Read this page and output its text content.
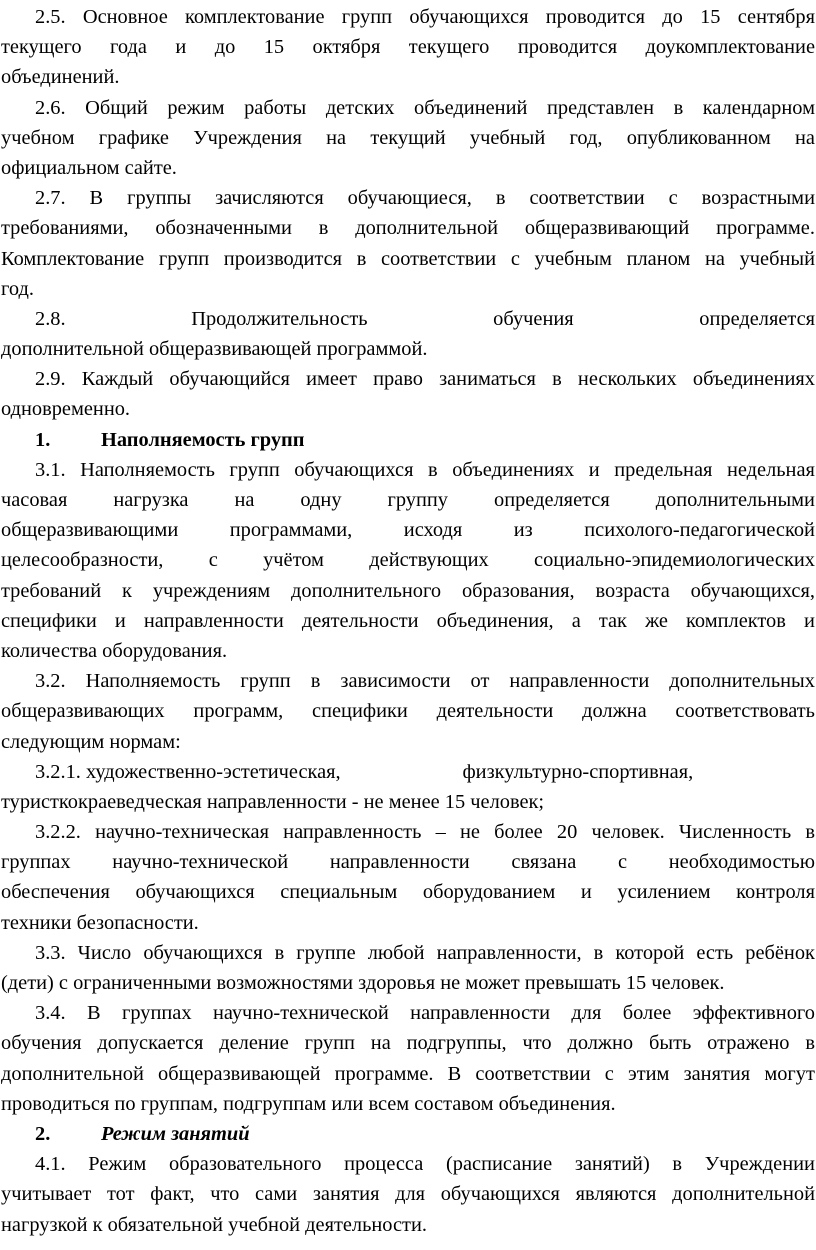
2.5. Основное комплектование групп обучающихся проводится до 15 сентября
текущего года и до 15 октября текущего проводится доукомплектование
объединений.
2.6. Общий режим работы детских объединений представлен в календарном
учебном графике Учреждения на текущий учебный год, опубликованном на
официальном сайте.
2.7. В группы зачисляются обучающиеся, в соответствии с возрастными
требованиями, обозначенными в дополнительной общеразвивающий программе.
Комплектование групп производится в соответствии с учебным планом на учебный
год.
2.8.	Продолжительность	обучения	определяется
дополнительной общеразвивающей программой.
2.9. Каждый обучающийся имеет право заниматься в нескольких объединениях
одновременно.
1. Наполняемость групп
3.1. Наполняемость групп обучающихся в объединениях и предельная недельная
часовая нагрузка на одну группу определяется дополнительными
общеразвивающими	программами,	исходя	из	психолого-педагогической
целесообразности, с учётом действующих социально-эпидемиологических
требований к учреждениям дополнительного образования, возраста обучающихся,
специфики и направленности деятельности объединения, а так же комплектов и
количества оборудования.
3.2. Наполняемость групп в зависимости от направленности дополнительных
общеразвивающих программ, специфики деятельности должна соответствовать
следующим нормам:
3.2.1. художественно-эстетическая,	физкультурно-спортивная,
туристкокраеведческая направленности - не менее 15 человек;
3.2.2. научно-техническая направленность – не более 20 человек. Численность в
группах научно-технической направленности связана с необходимостью
обеспечения обучающихся специальным оборудованием и усилением контроля
техники безопасности.
3.3. Число обучающихся в группе любой направленности, в которой есть ребёнок
(дети) с ограниченными возможностями здоровья не может превышать 15 человек.
3.4. В группах научно-технической направленности для более эффективного
обучения допускается деление групп на подгруппы, что должно быть отражено в
дополнительной общеразвивающей программе. В соответствии с этим занятия могут
проводиться по группам, подгруппам или всем составом объединения.
2. Режим занятий
4.1. Режим образовательного процесса (расписание занятий) в Учреждении
учитывает тот факт, что сами занятия для обучающихся являются дополнительной
нагрузкой к обязательной учебной деятельности.
